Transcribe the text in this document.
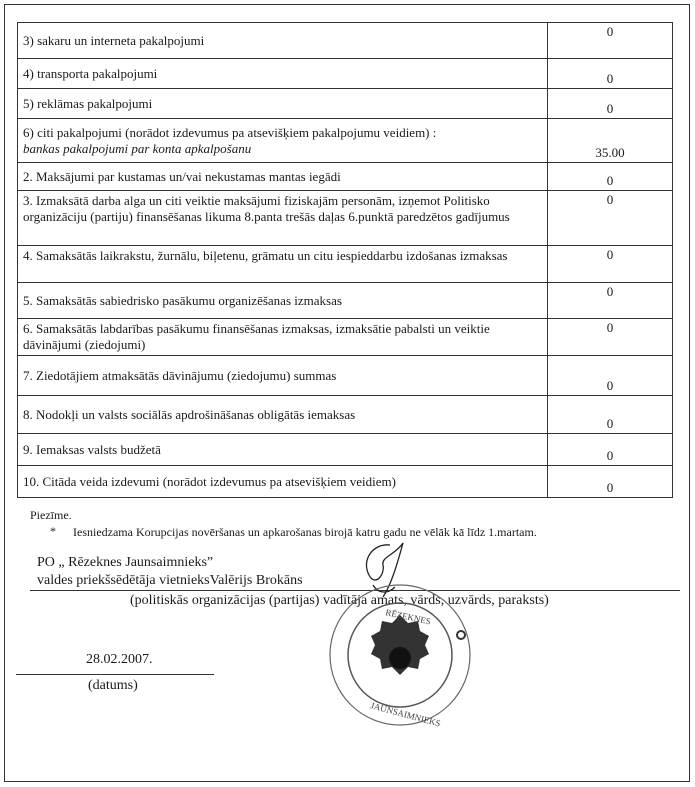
3) sakaru un interneta pakalpojumi	0

4) transporta pakalpojumi	0

5) reklāmas pakalpojumi	0

6) citi pakalpojumi (norādot izdevumus pa atsevišķiem pakalpojumu veidiem) :
bankas pakalpojumi par konta apkalpošanu	35.00

2. Maksājumi par kustamas un/vai nekustamas mantas iegādi	0

3. Izmaksātā darba alga un citi veiktie maksājumi fiziskajām personām, izņemot Politisko organizāciju (partiju) finansēšanas likuma 8.panta trešās daļas 6.punktā paredzētos gadījumus	0

4. Samaksātās laikrakstu, žurnālu, biļetenu, grāmatu un citu iespieddarbu izdošanas izmaksas	0

5. Samaksātās sabiedrisko pasākumu organizēšanas izmaksas	0

6. Samaksātās labdarības pasākumu finansēšanas izmaksas, izmaksātie pabalsti un veiktie dāvinājumi (ziedojumi)	0

7. Ziedotājiem atmaksātās dāvinājumu (ziedojumu) summas	0

8. Nodokļi un valsts sociālās apdrošināšanas obligātās iemaksas	0

9. Iemaksas valsts budžetā	0

10. Citāda veida izdevumi (norādot izdevumus pa atsevišķiem veidiem)	0
Piezīme.
* Iesniedzama Korupcijas novēršanas un apkarošanas birojā katru gadu ne vēlāk kā līdz 1.martam.
PO „ Rēzeknes Jaunsaimnieks”
valdes priekšsēdētāja vietnieksValērijs Brokāns
(politiskās organizācijas (partijas) vadītāja amats, vārds, uzvārds, paraksts)
RĒZEKNES
JAUNSAIMNIEKS
28.02.2007.
(datums)
